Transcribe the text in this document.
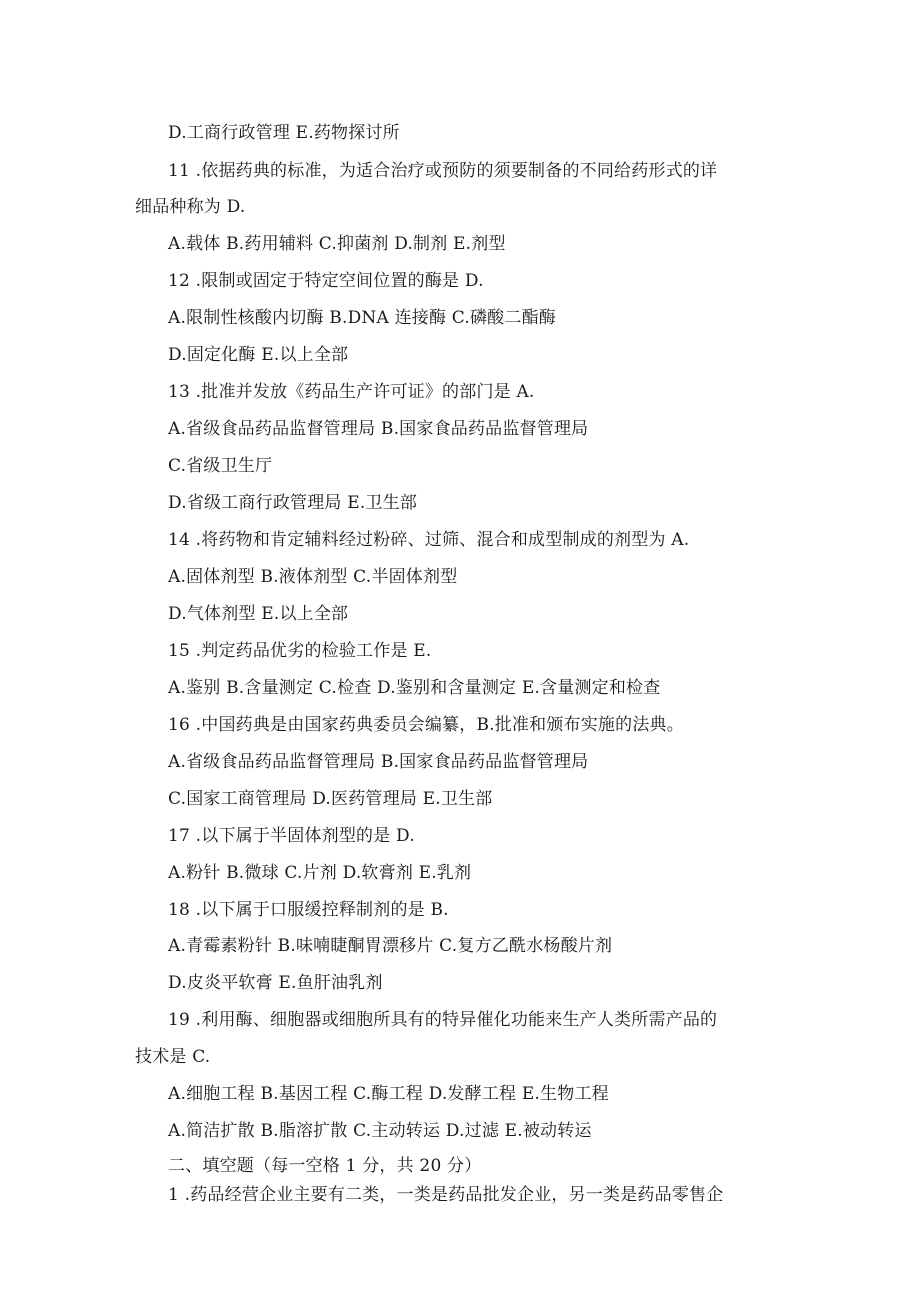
D.工商行政管理 E.药物探讨所
11 .依据药典的标准，为适合治疗或预防的须要制备的不同给药形式的详
细品种称为 D.
A.载体 B.药用辅料 C.抑菌剂 D.制剂 E.剂型
12 .限制或固定于特定空间位置的酶是 D.
A.限制性核酸内切酶 B.DNA 连接酶 C.磷酸二酯酶
D.固定化酶 E.以上全部
13 .批准并发放《药品生产许可证》的部门是 A.
A.省级食品药品监督管理局 B.国家食品药品监督管理局
C.省级卫生厅
D.省级工商行政管理局 E.卫生部
14 .将药物和肯定辅料经过粉碎、过筛、混合和成型制成的剂型为 A.
A.固体剂型 B.液体剂型 C.半固体剂型
D.气体剂型 E.以上全部
15 .判定药品优劣的检验工作是 E.
A.鉴别 B.含量测定 C.检查 D.鉴别和含量测定 E.含量测定和检查
16 .中国药典是由国家药典委员会编纂，B.批准和颁布实施的法典。
A.省级食品药品监督管理局 B.国家食品药品监督管理局
C.国家工商管理局 D.医药管理局 E.卫生部
17 .以下属于半固体剂型的是 D.
A.粉针 B.微球 C.片剂 D.软膏剂 E.乳剂
18 .以下属于口服缓控释制剂的是 B.
A.青霉素粉针 B.味喃睫酮胃漂移片 C.复方乙酰水杨酸片剂
D.皮炎平软膏 E.鱼肝油乳剂
19 .利用酶、细胞器或细胞所具有的特异催化功能来生产人类所需产品的
技术是 C.
A.细胞工程 B.基因工程 C.酶工程 D.发酵工程 E.生物工程
A.简洁扩散 B.脂溶扩散 C.主动转运 D.过滤 E.被动转运
二、填空题（每一空格 1 分，共 20 分）
1 .药品经营企业主要有二类，一类是药品批发企业，另一类是药品零售企
